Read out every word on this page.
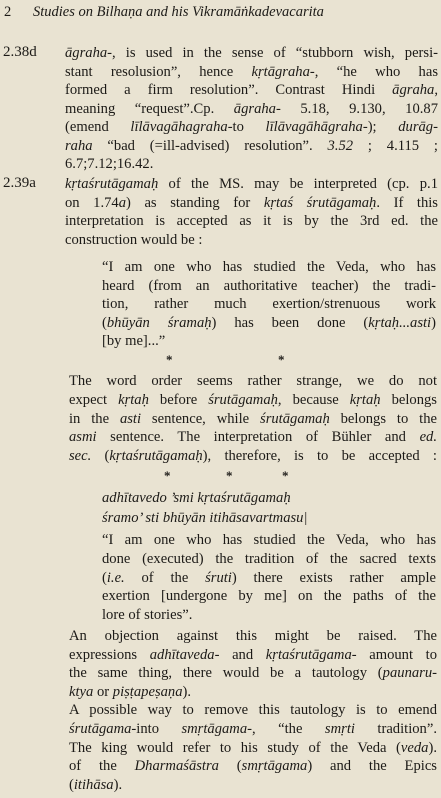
2 Studies on Bilhaṇa and his Vikramāṅkadevacarita
2.38d
2.39a
āgraha-, is used in the sense of “stubborn wish, persi-
stant resolusion”, hence kṛtāgraha-, “he who has
formed a firm resolution”. Contrast Hindi āgraha,
meaning “request”.Cp. āgraha- 5.18, 9.130, 10.87
(emend līlāvagāhagraha-to līlāvagāhāgraha-); durāg-
raha “bad (=ill-advised) resolution”. 3.52 ; 4.115 ;
6.7;7.12;16.42.
kṛtaśrutāgamaḥ of the MS. may be interpreted (cp. p.1
on 1.74a) as standing for kṛtaś śrutāgamaḥ. If this
interpretation is accepted as it is by the 3rd ed. the
construction would be :
“I am one who has studied the Veda, who has
heard (from an authoritative teacher) the tradi-
tion, rather much exertion/strenuous work
(bhūyān śramaḥ) has been done (kṛtaḥ...asti)
[by me]...”
The word order seems rather strange, we do not
expect kṛtaḥ before śrutāgamaḥ, because kṛtaḥ belongs
in the asti sentence, while śrutāgamaḥ belongs to the
asmi sentence. The interpretation of Bühler and ed.
sec. (kṛtaśrutāgamaḥ), therefore, is to be accepted :
adhītavedo ’smi kṛtaśrutāgamaḥ
śramo’ sti bhūyān itihāsavartmasu|
“I am one who has studied the Veda, who has
done (executed) the tradition of the sacred texts
(i.e. of the śruti) there exists rather ample
exertion [undergone by me] on the paths of the
lore of stories”.
An objection against this might be raised. The
expressions adhītaveda- and kṛtaśrutāgama- amount to
the same thing, there would be a tautology (paunaru-
ktya or piṣṭapeṣaṇa).
A possible way to remove this tautology is to emend
śrutāgama-into smṛtāgama-, “the smṛti tradition”.
The king would refer to his study of the Veda (veda).
of the Dharmaśāstra (smṛtāgama) and the Epics
(itihāsa).
*	*
*	*	*
